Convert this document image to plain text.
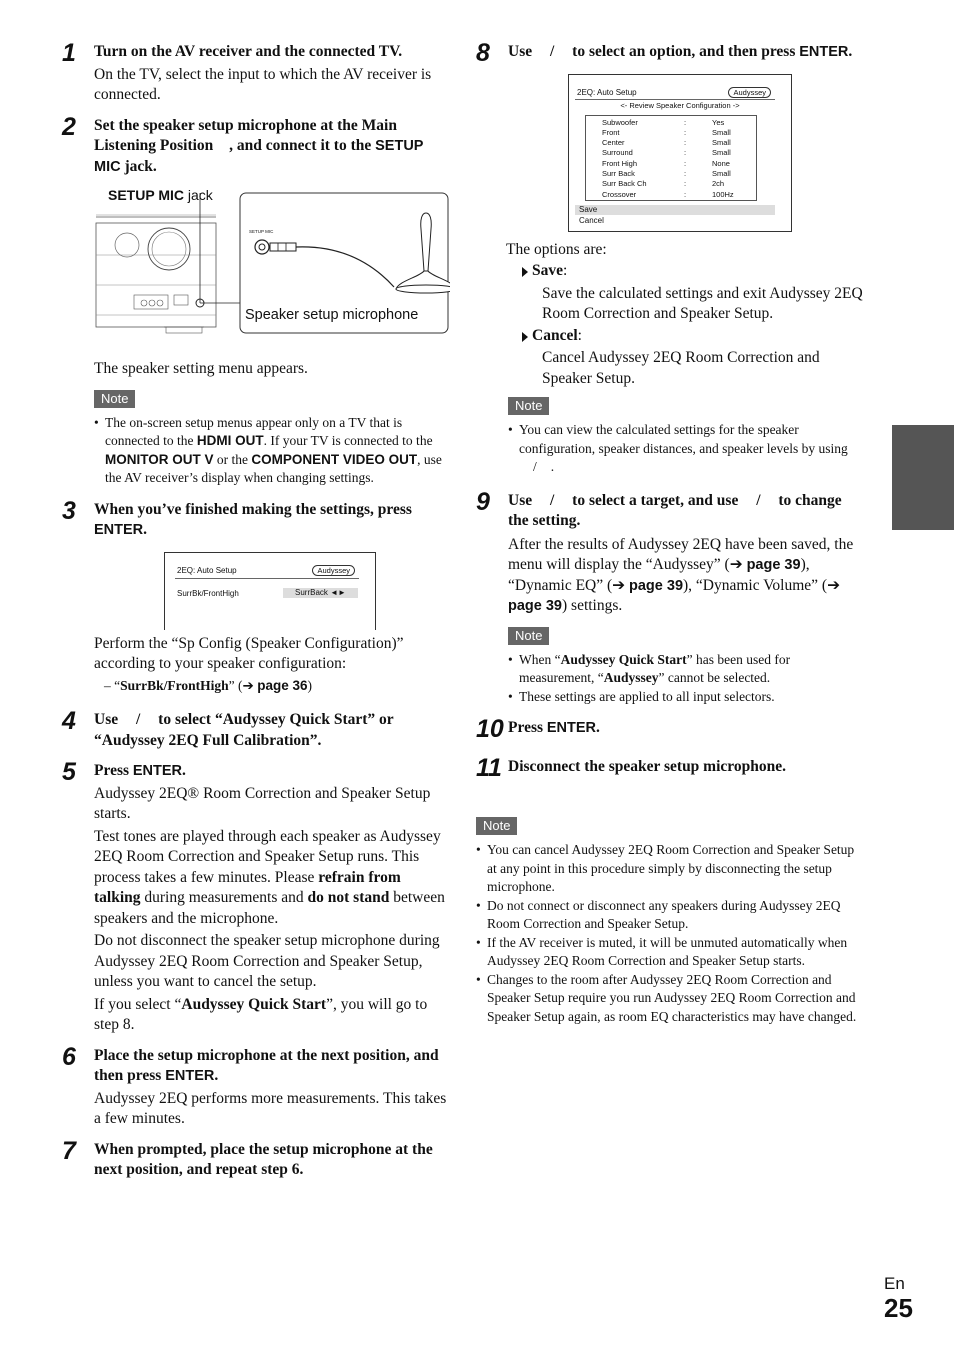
1 Turn on the AV receiver and the connected TV.

On the TV, select the input to which the AV receiver is connected.

2 Set the speaker setup microphone at the Main Listening Position , and connect it to the SETUP MIC jack.
SETUP MIC jack
SETUP MIC
Speaker setup microphone

The speaker setting menu appears.

Note
• The on-screen setup menus appear only on a TV that is connected to the HDMI OUT. If your TV is connected to the MONITOR OUT V or the COMPONENT VIDEO OUT, use the AV receiver’s display when changing settings.
3 When you’ve finished making the settings, press ENTER.
2EQ: Auto Setup	Audyssey
SurrBk/FrontHigh	SurrBack ◄►

Perform the “Sp Config (Speaker Configuration)” according to your speaker configuration:

– “SurrBk/FrontHigh” (➔ page 36)
4 Use / to select “Audyssey Quick Start” or “Audyssey 2EQ Full Calibration”.
5 Press ENTER.

Audyssey 2EQ® Room Correction and Speaker Setup starts.

Test tones are played through each speaker as Audyssey 2EQ Room Correction and Speaker Setup runs. This process takes a few minutes. Please refrain from talking during measurements and do not stand between speakers and the microphone.

Do not disconnect the speaker setup microphone during Audyssey 2EQ Room Correction and Speaker Setup, unless you want to cancel the setup.

If you select “Audyssey Quick Start”, you will go to step 8.

6 Place the setup microphone at the next position, and then press ENTER.

Audyssey 2EQ performs more measurements. This takes a few minutes.

7 When prompted, place the setup microphone at the next position, and repeat step 6.
8 Use / to select an option, and then press ENTER.
2EQ: Auto Setup	Audyssey
<- Review Speaker Configuration ->
Subwoofer	:	Yes
Front	:	Small
Center	:	Small
Surround	:	Small
Front High	:	None
Surr Back	:	Small
Surr Back Ch	:	2ch
Crossover	:	100Hz
Save
Cancel

The options are:

Save:

Save the calculated settings and exit Audyssey 2EQ Room Correction and Speaker Setup.

Cancel:

Cancel Audyssey 2EQ Room Correction and Speaker Setup.

Note
• You can view the calculated settings for the speaker configuration, speaker distances, and speaker levels by using / .
9 Use / to select a target, and use / to change the setting.

After the results of Audyssey 2EQ have been saved, the menu will display the “Audyssey” (➔ page 39), “Dynamic EQ” (➔ page 39), “Dynamic Volume” (➔ page 39) settings.

Note
• When “Audyssey Quick Start” has been used for measurement, “Audyssey” cannot be selected.
• These settings are applied to all input selectors.
10 Press ENTER.
11 Disconnect the speaker setup microphone.
Note
• You can cancel Audyssey 2EQ Room Correction and Speaker Setup at any point in this procedure simply by disconnecting the setup microphone.
• Do not connect or disconnect any speakers during Audyssey 2EQ Room Correction and Speaker Setup.
• If the AV receiver is muted, it will be unmuted automatically when Audyssey 2EQ Room Correction and Speaker Setup starts.
• Changes to the room after Audyssey 2EQ Room Correction and Speaker Setup require you run Audyssey 2EQ Room Correction and Speaker Setup again, as room EQ characteristics may have changed.
En
25
